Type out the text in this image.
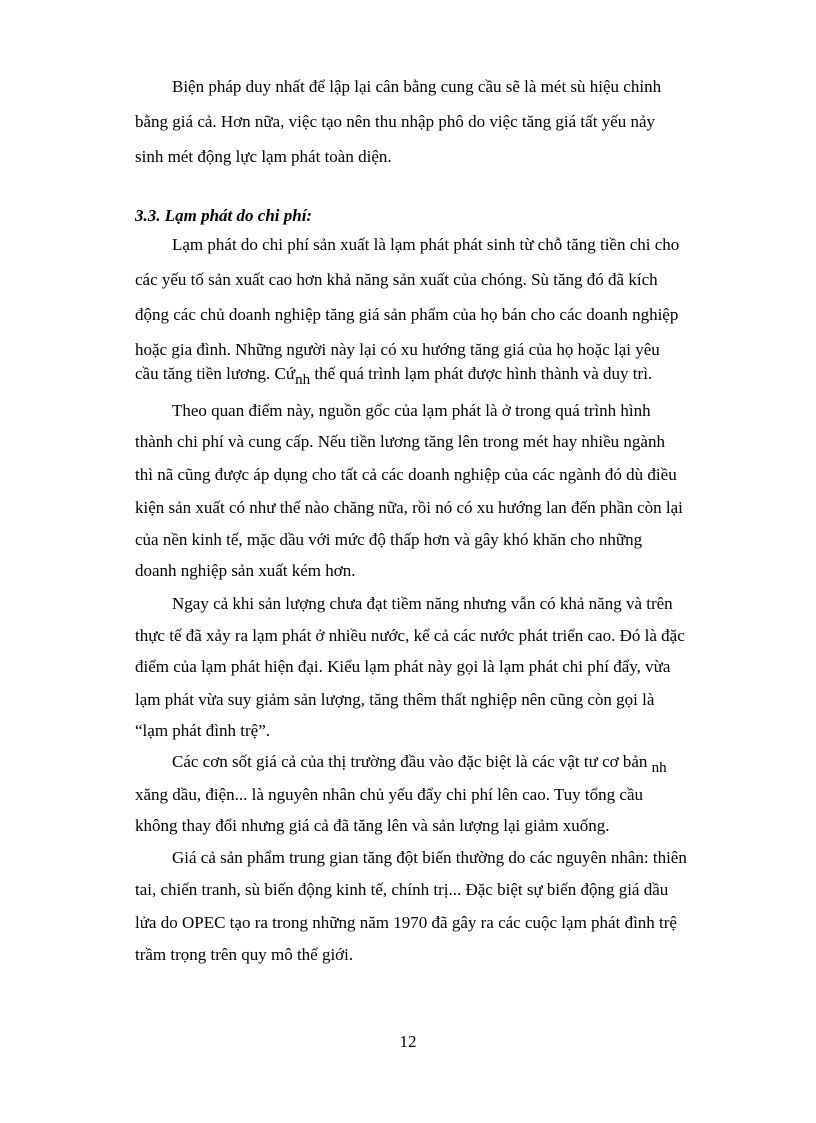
Biện pháp duy nhất để lập lại cân bằng cung cầu sẽ là mét sù hiệu chỉnh
bằng giá cả. Hơn nữa, việc tạo nên thu nhập phô do việc tăng giá tất yếu nảy
sinh mét động lực lạm phát toàn diện.
3.3. Lạm phát do chi phí:
Lạm phát do chi phí sản xuất là lạm phát phát sinh từ chỗ tăng tiền chi cho
các yếu tố sản xuất cao hơn khả năng sản xuất của chóng. Sù tăng đó đã kích
động các chủ doanh nghiệp tăng giá sản phẩm của họ bán cho các doanh nghiệp
hoặc gia đình. Những người này lại có xu hướng tăng giá của họ hoặc lại yêu
cầu tăng tiền lương. Cứnh thế quá trình lạm phát được hình thành và duy trì.
Theo quan điểm này, nguồn gốc của lạm phát là ở trong quá trình hình
thành chi phí và cung cấp. Nếu tiền lương tăng lên trong mét hay nhiều ngành
thì nã cũng được áp dụng cho tất cả các doanh nghiệp của các ngành đó dù điều
kiện sản xuất có như thế nào chăng nữa, rồi nó có xu hướng lan đến phần còn lại
của nền kinh tế, mặc dầu với mức độ thấp hơn và gây khó khăn cho những
doanh nghiệp sản xuất kém hơn.
Ngay cả khi sản lượng chưa đạt tiềm năng nhưng vẫn có khả năng và trên
thực tế đã xảy ra lạm phát ở nhiều nước, kể cả các nước phát triển cao. Đó là đặc
điểm của lạm phát hiện đại. Kiểu lạm phát này gọi là lạm phát chi phí đẩy, vừa
lạm phát vừa suy giảm sản lượng, tăng thêm thất nghiệp nên cũng còn gọi là
“lạm phát đình trệ”.
Các cơn sốt giá cả của thị trường đầu vào đặc biệt là các vật tư cơ bản nh
xăng dầu, điện... là nguyên nhân chủ yếu đẩy chi phí lên cao. Tuy tổng cầu
không thay đổi nhưng giá cả đã tăng lên và sản lượng lại giảm xuống.
Giá cả sản phẩm trung gian tăng đột biến thường do các nguyên nhân: thiên
tai, chiến tranh, sù biến động kinh tế, chính trị... Đặc biệt sự biến động giá dầu
lửa do OPEC tạo ra trong những năm 1970 đã gây ra các cuộc lạm phát đình trệ
trầm trọng trên quy mô thế giới.
12
